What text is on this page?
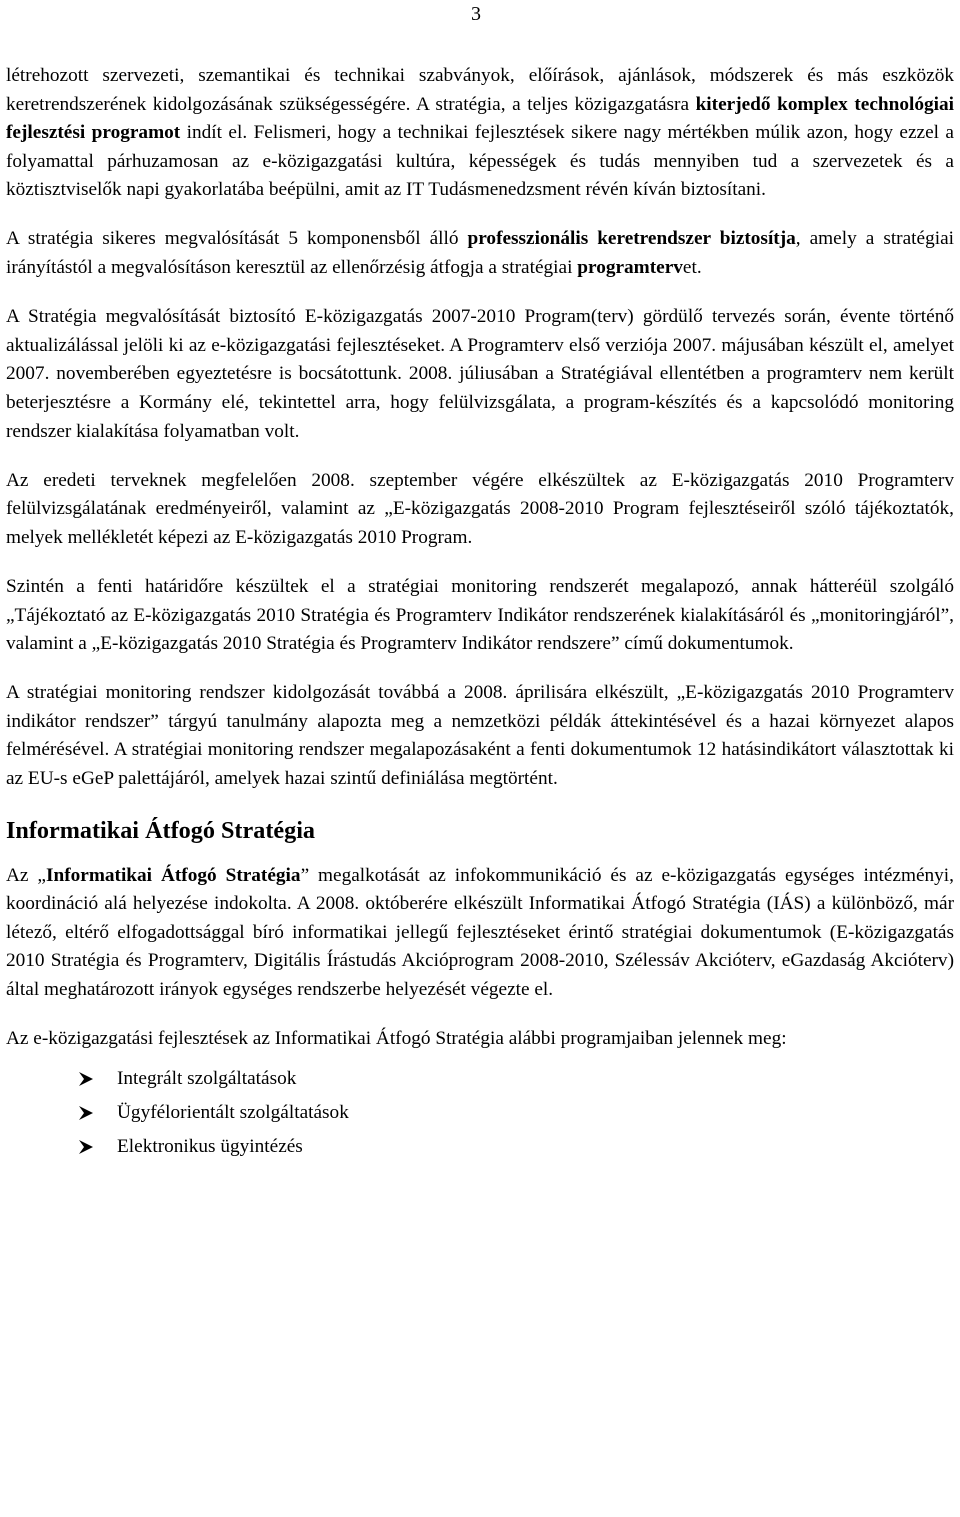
3

létrehozott szervezeti, szemantikai és technikai szabványok, előírások, ajánlások, módszerek és más eszközök keretrendszerének kidolgozásának szükségességére. A stratégia, a teljes közigazgatásra kiterjedő komplex technológiai fejlesztési programot indít el. Felismeri, hogy a technikai fejlesztések sikere nagy mértékben múlik azon, hogy ezzel a folyamattal párhuzamosan az e-közigazgatási kultúra, képességek és tudás mennyiben tud a szervezetek és a köztisztviselők napi gyakorlatába beépülni, amit az IT Tudásmenedzsment révén kíván biztosítani.

A stratégia sikeres megvalósítását 5 komponensből álló professzionális keretrendszer biztosítja, amely a stratégiai irányítástól a megvalósításon keresztül az ellenőrzésig átfogja a stratégiai programtervet.

A Stratégia megvalósítását biztosító E-közigazgatás 2007-2010 Program(terv) gördülő tervezés során, évente történő aktualizálással jelöli ki az e-közigazgatási fejlesztéseket. A Programterv első verziója 2007. májusában készült el, amelyet 2007. novemberében egyeztetésre is bocsátottunk. 2008. júliusában a Stratégiával ellentétben a programterv nem került beterjesztésre a Kormány elé, tekintettel arra, hogy felülvizsgálata, a program-készítés és a kapcsolódó monitoring rendszer kialakítása folyamatban volt.

Az eredeti terveknek megfelelően 2008. szeptember végére elkészültek az E-közigazgatás 2010 Programterv felülvizsgálatának eredményeiről, valamint az „E-közigazgatás 2008-2010 Program fejlesztéseiről szóló tájékoztatók, melyek mellékletét képezi az E-közigazgatás 2010 Program.

Szintén a fenti határidőre készültek el a stratégiai monitoring rendszerét megalapozó, annak hátteréül szolgáló „Tájékoztató az E-közigazgatás 2010 Stratégia és Programterv Indikátor rendszerének kialakításáról és „monitoringjáról”, valamint a „E-közigazgatás 2010 Stratégia és Programterv Indikátor rendszere” című dokumentumok.

A stratégiai monitoring rendszer kidolgozását továbbá a 2008. áprilisára elkészült, „E-közigazgatás 2010 Programterv indikátor rendszer” tárgyú tanulmány alapozta meg a nemzetközi példák áttekintésével és a hazai környezet alapos felmérésével. A stratégiai monitoring rendszer megalapozásaként a fenti dokumentumok 12 hatásindikátort választottak ki az EU-s eGeP palettájáról, amelyek hazai szintű definiálása megtörtént.

Informatikai Átfogó Stratégia

Az „Informatikai Átfogó Stratégia” megalkotását az infokommunikáció és az e-közigazgatás egységes intézményi, koordináció alá helyezése indokolta. A 2008. októberére elkészült Informatikai Átfogó Stratégia (IÁS) a különböző, már létező, eltérő elfogadottsággal bíró informatikai jellegű fejlesztéseket érintő stratégiai dokumentumok (E-közigazgatás 2010 Stratégia és Programterv, Digitális Írástudás Akcióprogram 2008-2010, Szélessáv Akcióterv, eGazdaság Akcióterv) által meghatározott irányok egységes rendszerbe helyezését végezte el.

Az e-közigazgatási fejlesztések az Informatikai Átfogó Stratégia alábbi programjaiban jelennek meg:

Integrált szolgáltatások
Ügyfélorientált szolgáltatások
Elektronikus ügyintézés
